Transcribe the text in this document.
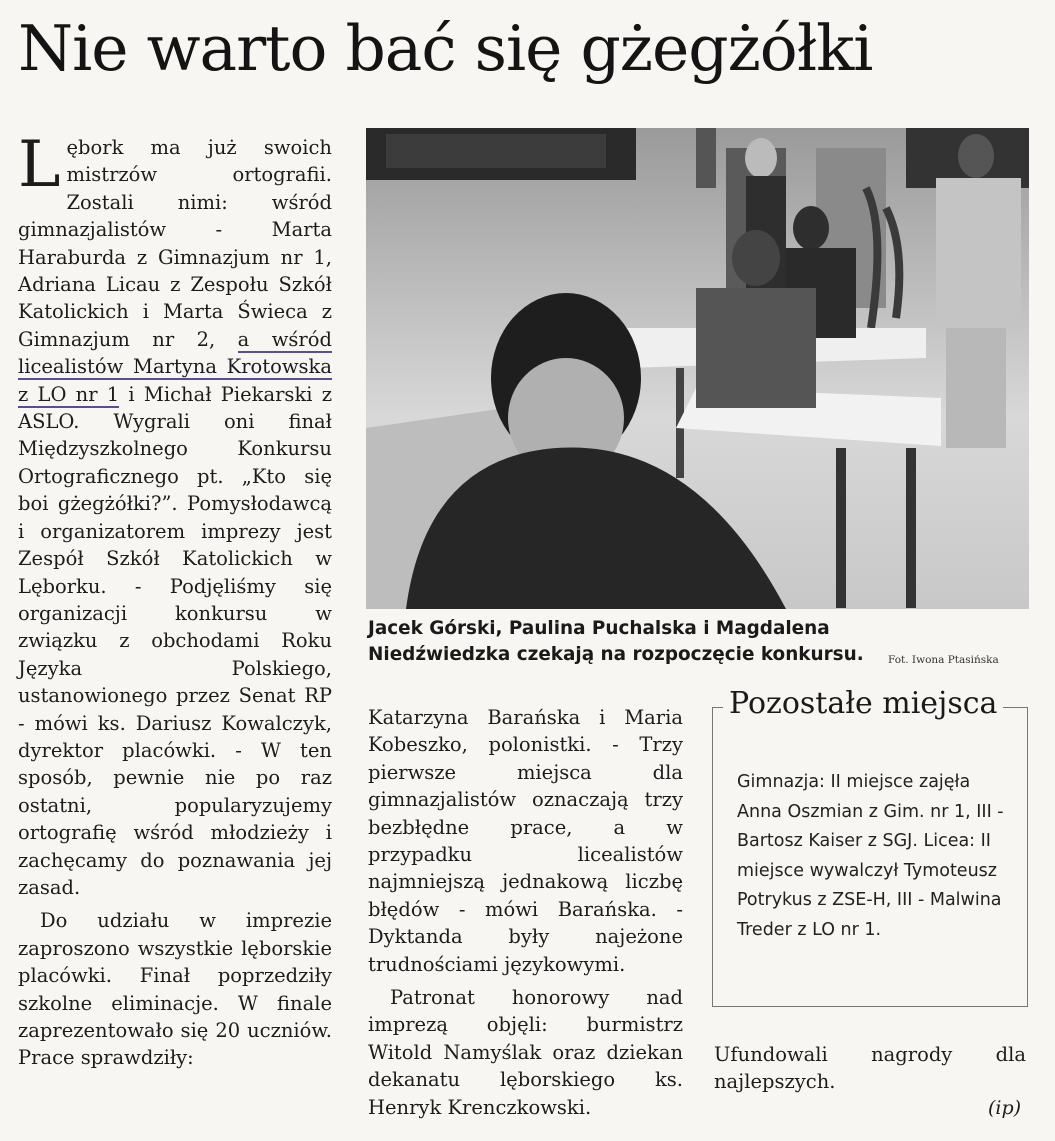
Nie warto bać się gżegżółki

Lębork ma już swoich mistrzów ortografii. Zostali nimi: wśród gimnazjalistów - Marta Haraburda z Gimnazjum nr 1, Adriana Licau z Zespołu Szkół Katolickich i Marta Świeca z Gimnazjum nr 2, a wśród licealistów Martyna Krotowska z LO nr 1 i Michał Piekarski z ASLO. Wygrali oni finał Międzyszkolnego Konkursu Ortograficznego pt. „Kto się boi gżegżółki?”. Pomysłodawcą i organizatorem imprezy jest Zespół Szkół Katolickich w Lęborku. - Podjęliśmy się organizacji konkursu w związku z obchodami Roku Języka Polskiego, ustanowionego przez Senat RP - mówi ks. Dariusz Kowalczyk, dyrektor placówki. - W ten sposób, pewnie nie po raz ostatni, popularyzujemy ortografię wśród młodzieży i zachęcamy do poznawania jej zasad.

Do udziału w imprezie zaproszono wszystkie lęborskie placówki. Finał poprzedziły szkolne eliminacje. W finale zaprezentowało się 20 uczniów. Prace sprawdziły:

Jacek Górski, Paulina Puchalska i Magdalena Niedźwiedzka czekają na rozpoczęcie konkursu.	Fot. Iwona Ptasińska

Katarzyna Barańska i Maria Kobeszko, polonistki. - Trzy pierwsze miejsca dla gimnazjalistów oznaczają trzy bezbłędne prace, a w przypadku licealistów najmniejszą jednakową liczbę błędów - mówi Barańska. - Dyktanda były najeżone trudnościami językowymi.

Patronat honorowy nad imprezą objęli: burmistrz Witold Namyślak oraz dziekan dekanatu lęborskiego ks. Henryk Krenczkowski.

Pozostałe miejsca
Gimnazja: II miejsce zajęła Anna Oszmian z Gim. nr 1, III - Bartosz Kaiser z SGJ. Licea: II miejsce wywalczył Tymoteusz Potrykus z ZSE-H, III - Malwina Treder z LO nr 1.
Ufundowali nagrody dla najlepszych.
(ip)
